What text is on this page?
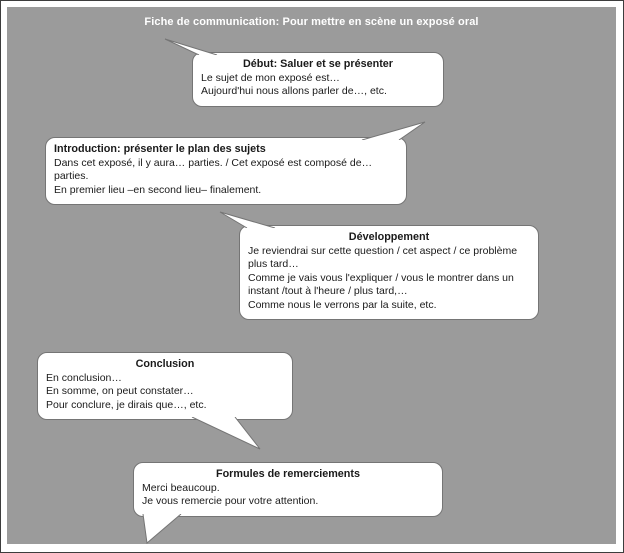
Fiche de communication: Pour mettre en scène un exposé oral
Début: Saluer et se présenter
Le sujet de mon exposé est…
Aujourd'hui nous allons parler de…, etc.
Introduction: présenter le plan des sujets
Dans cet exposé, il y aura… parties. / Cet exposé est composé de… parties.
En premier lieu –en second lieu– finalement.
Développement
Je reviendrai sur cette question / cet aspect / ce problème plus tard…
Comme je vais vous l'expliquer / vous le montrer dans un instant /tout à l'heure / plus tard,…
Comme nous le verrons par la suite, etc.
Conclusion
En conclusion…
En somme, on peut constater…
Pour conclure, je dirais que…, etc.
Formules de remerciements
Merci beaucoup.
Je vous remercie pour votre attention.
